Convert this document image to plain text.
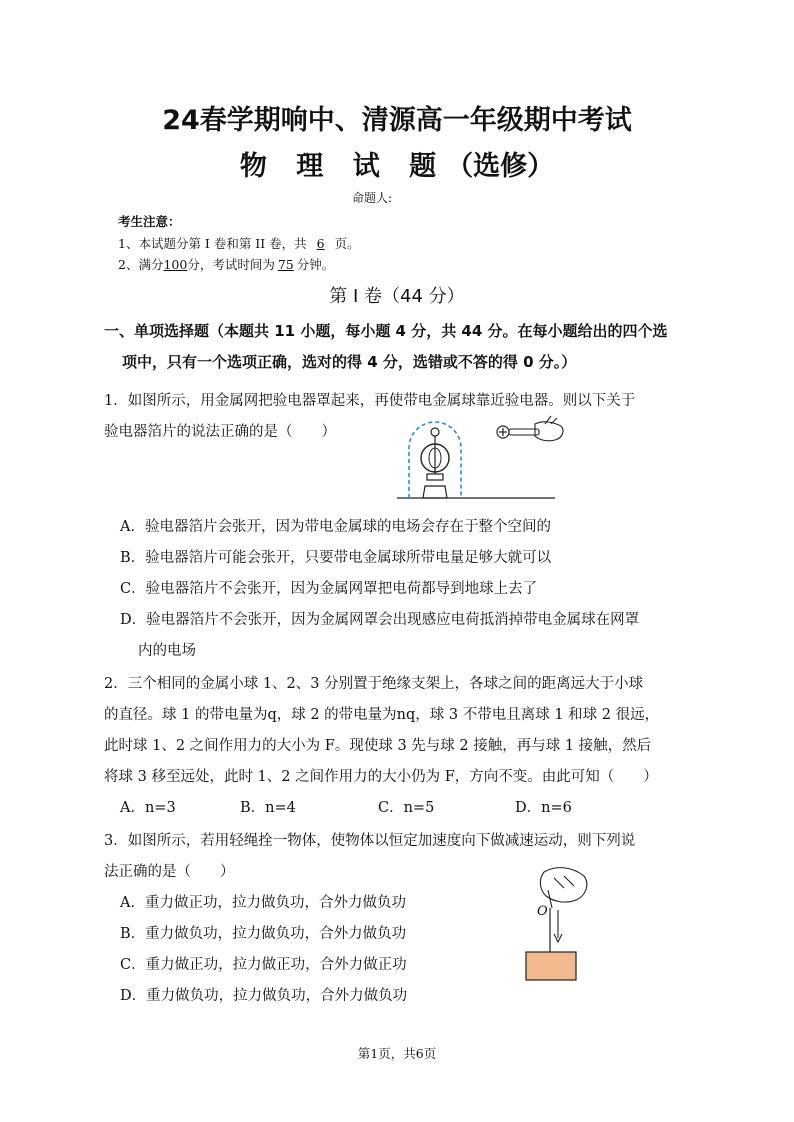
24春学期响中、清源高一年级期中考试
物 理 试 题（选修）
命题人:
考生注意：
1、本试题分第 I 卷和第 II 卷，共 6 页。
2、满分100分，考试时间为 75 分钟。
第 I 卷（44 分）
一、单项选择题（本题共 11 小题，每小题 4 分，共 44 分。在每小题给出的四个选
项中，只有一个选项正确，选对的得 4 分，选错或不答的得 0 分。）
1．如图所示，用金属网把验电器罩起来，再使带电金属球靠近验电器。则以下关于
验电器箔片的说法正确的是（　　）
A．验电器箔片会张开，因为带电金属球的电场会存在于整个空间的
B．验电器箔片可能会张开，只要带电金属球所带电量足够大就可以
C．验电器箔片不会张开，因为金属网罩把电荷都导到地球上去了
D．验电器箔片不会张开，因为金属网罩会出现感应电荷抵消掉带电金属球在网罩
内的电场
2．三个相同的金属小球 1、2、3 分别置于绝缘支架上，各球之间的距离远大于小球
的直径。球 1 的带电量为q，球 2 的带电量为nq，球 3 不带电且离球 1 和球 2 很远，
此时球 1、2 之间作用力的大小为 F。现使球 3 先与球 2 接触，再与球 1 接触，然后
将球 3 移至远处，此时 1、2 之间作用力的大小仍为 F，方向不变。由此可知（　　）
A．n=3	B．n=4	C．n=5	D．n=6
3．如图所示，若用轻绳拴一物体，使物体以恒定加速度向下做减速运动，则下列说
法正确的是（　　）
A．重力做正功，拉力做负功，合外力做负功
B．重力做负功，拉力做负功，合外力做负功
C．重力做正功，拉力做正功，合外力做正功
D．重力做负功，拉力做负功，合外力做负功
O
第1页，共6页
